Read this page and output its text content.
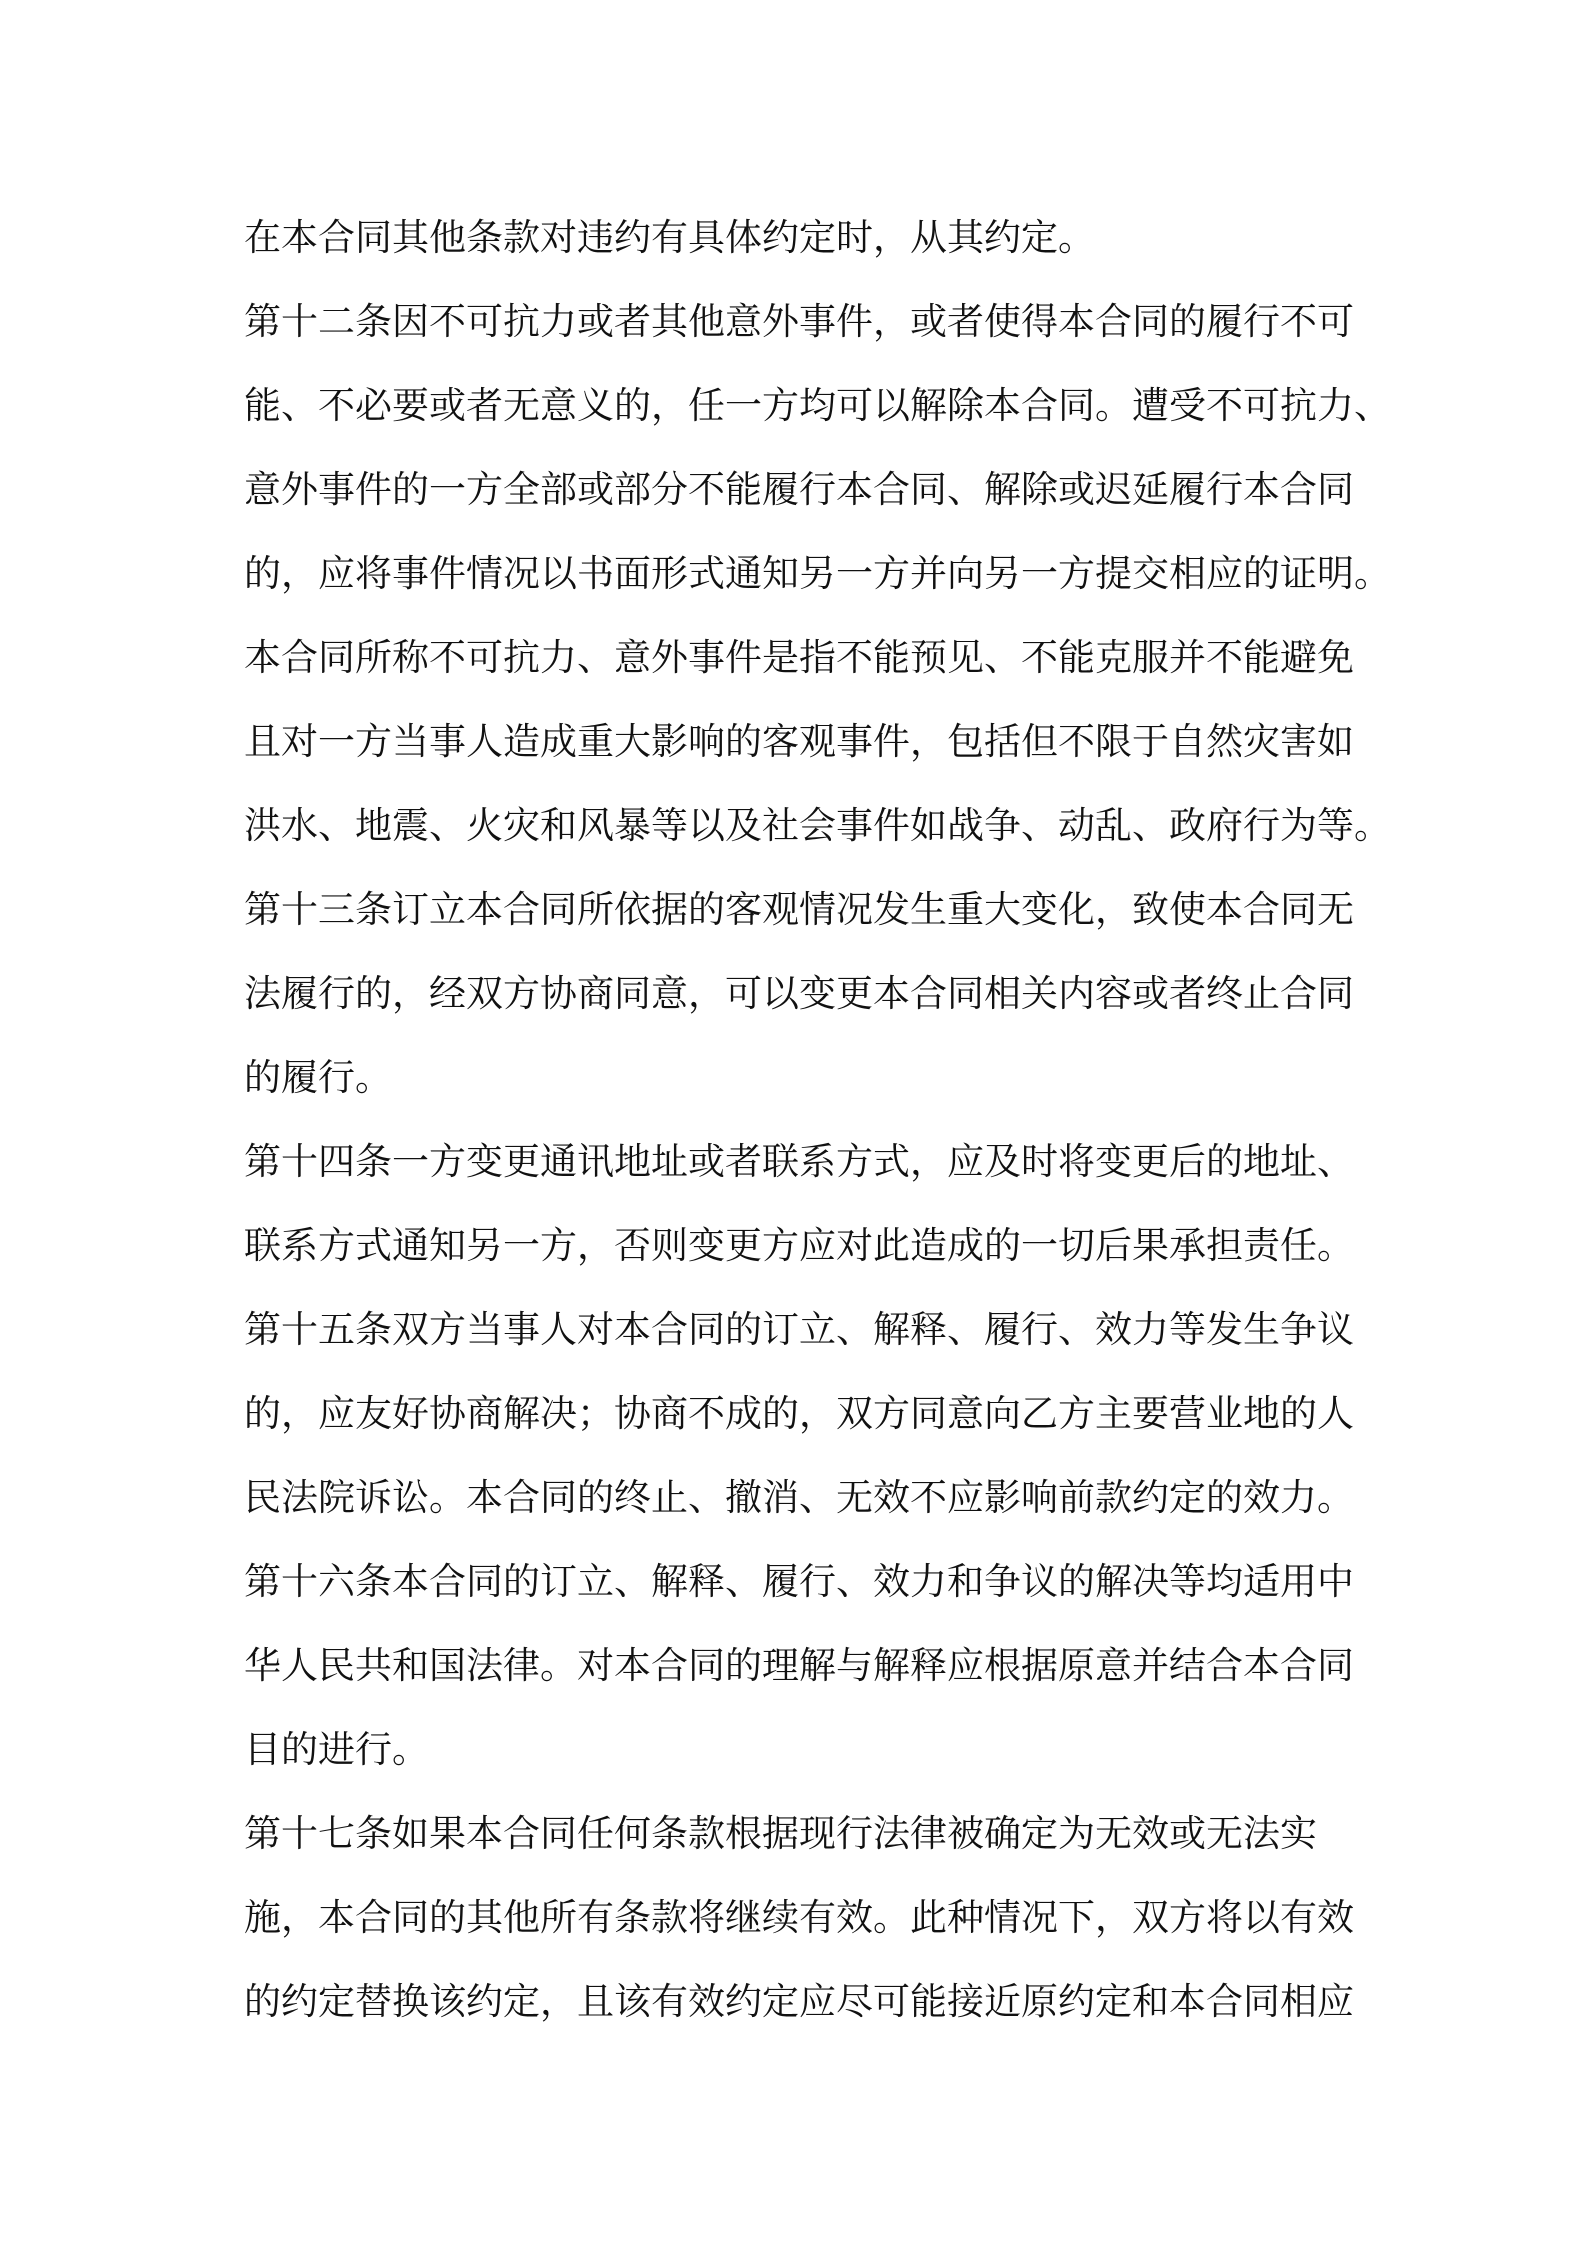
在本合同其他条款对违约有具体约定时，从其约定。
第十二条因不可抗力或者其他意外事件，或者使得本合同的履行不可
能、不必要或者无意义的，任一方均可以解除本合同。遭受不可抗力、
意外事件的一方全部或部分不能履行本合同、解除或迟延履行本合同
的，应将事件情况以书面形式通知另一方并向另一方提交相应的证明。
本合同所称不可抗力、意外事件是指不能预见、不能克服并不能避免
且对一方当事人造成重大影响的客观事件，包括但不限于自然灾害如
洪水、地震、火灾和风暴等以及社会事件如战争、动乱、政府行为等。
第十三条订立本合同所依据的客观情况发生重大变化，致使本合同无
法履行的，经双方协商同意，可以变更本合同相关内容或者终止合同
的履行。
第十四条一方变更通讯地址或者联系方式，应及时将变更后的地址、
联系方式通知另一方，否则变更方应对此造成的一切后果承担责任。
第十五条双方当事人对本合同的订立、解释、履行、效力等发生争议
的，应友好协商解决；协商不成的，双方同意向乙方主要营业地的人
民法院诉讼。本合同的终止、撤消、无效不应影响前款约定的效力。
第十六条本合同的订立、解释、履行、效力和争议的解决等均适用中
华人民共和国法律。对本合同的理解与解释应根据原意并结合本合同
目的进行。
第十七条如果本合同任何条款根据现行法律被确定为无效或无法实
施，本合同的其他所有条款将继续有效。此种情况下，双方将以有效
的约定替换该约定，且该有效约定应尽可能接近原约定和本合同相应
